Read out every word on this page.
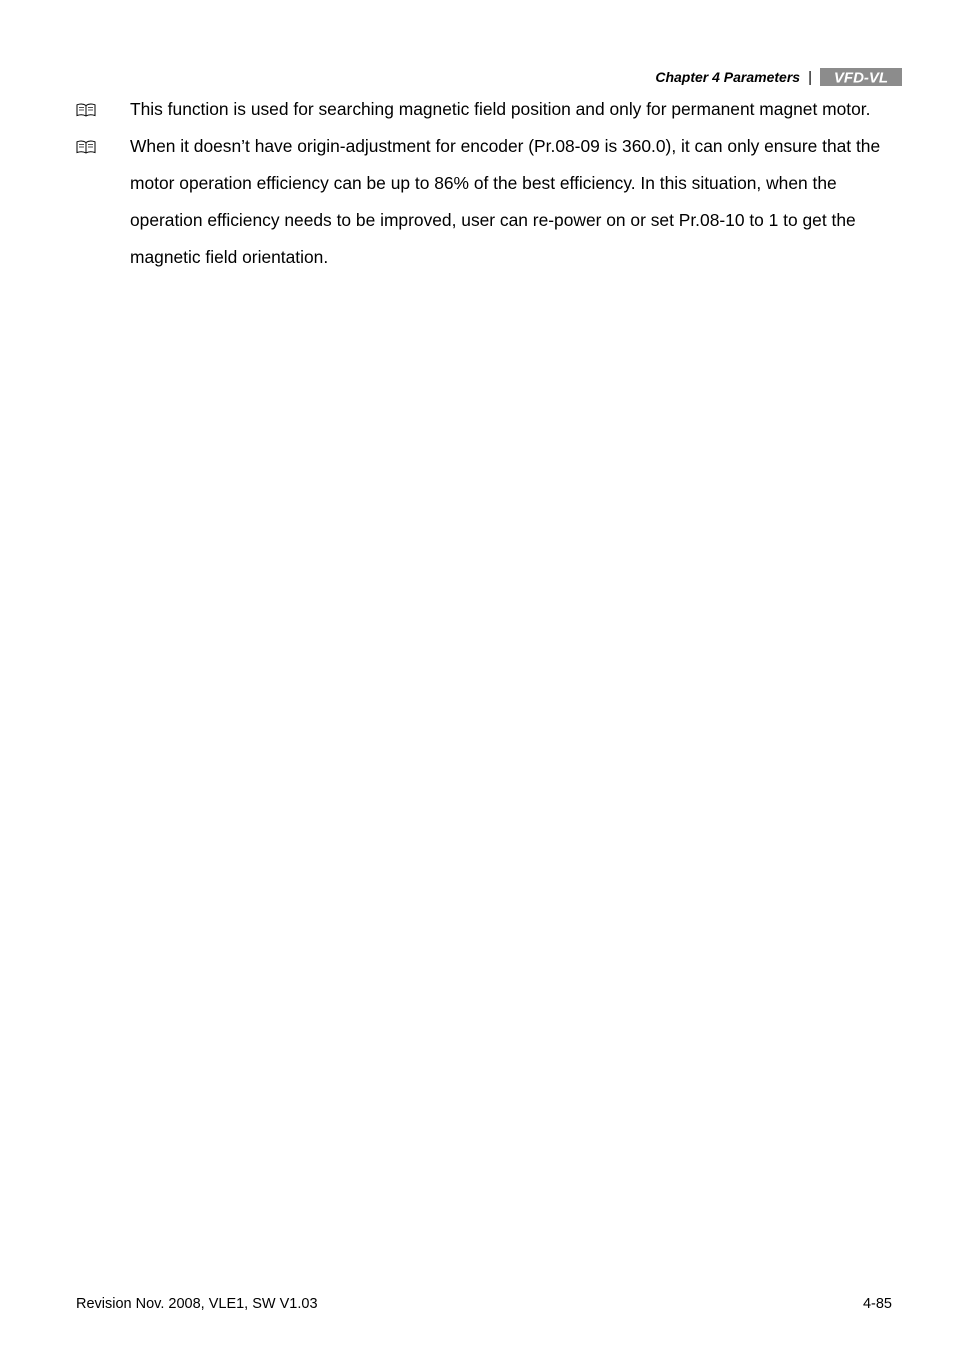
Chapter 4 Parameters | VFD-VL
This function is used for searching magnetic field position and only for permanent magnet motor.
When it doesn’t have origin-adjustment for encoder (Pr.08-09 is 360.0), it can only ensure that the motor operation efficiency can be up to 86% of the best efficiency. In this situation, when the operation efficiency needs to be improved, user can re-power on or set Pr.08-10 to 1 to get the magnetic field orientation.
Revision Nov. 2008, VLE1, SW V1.03	4-85
